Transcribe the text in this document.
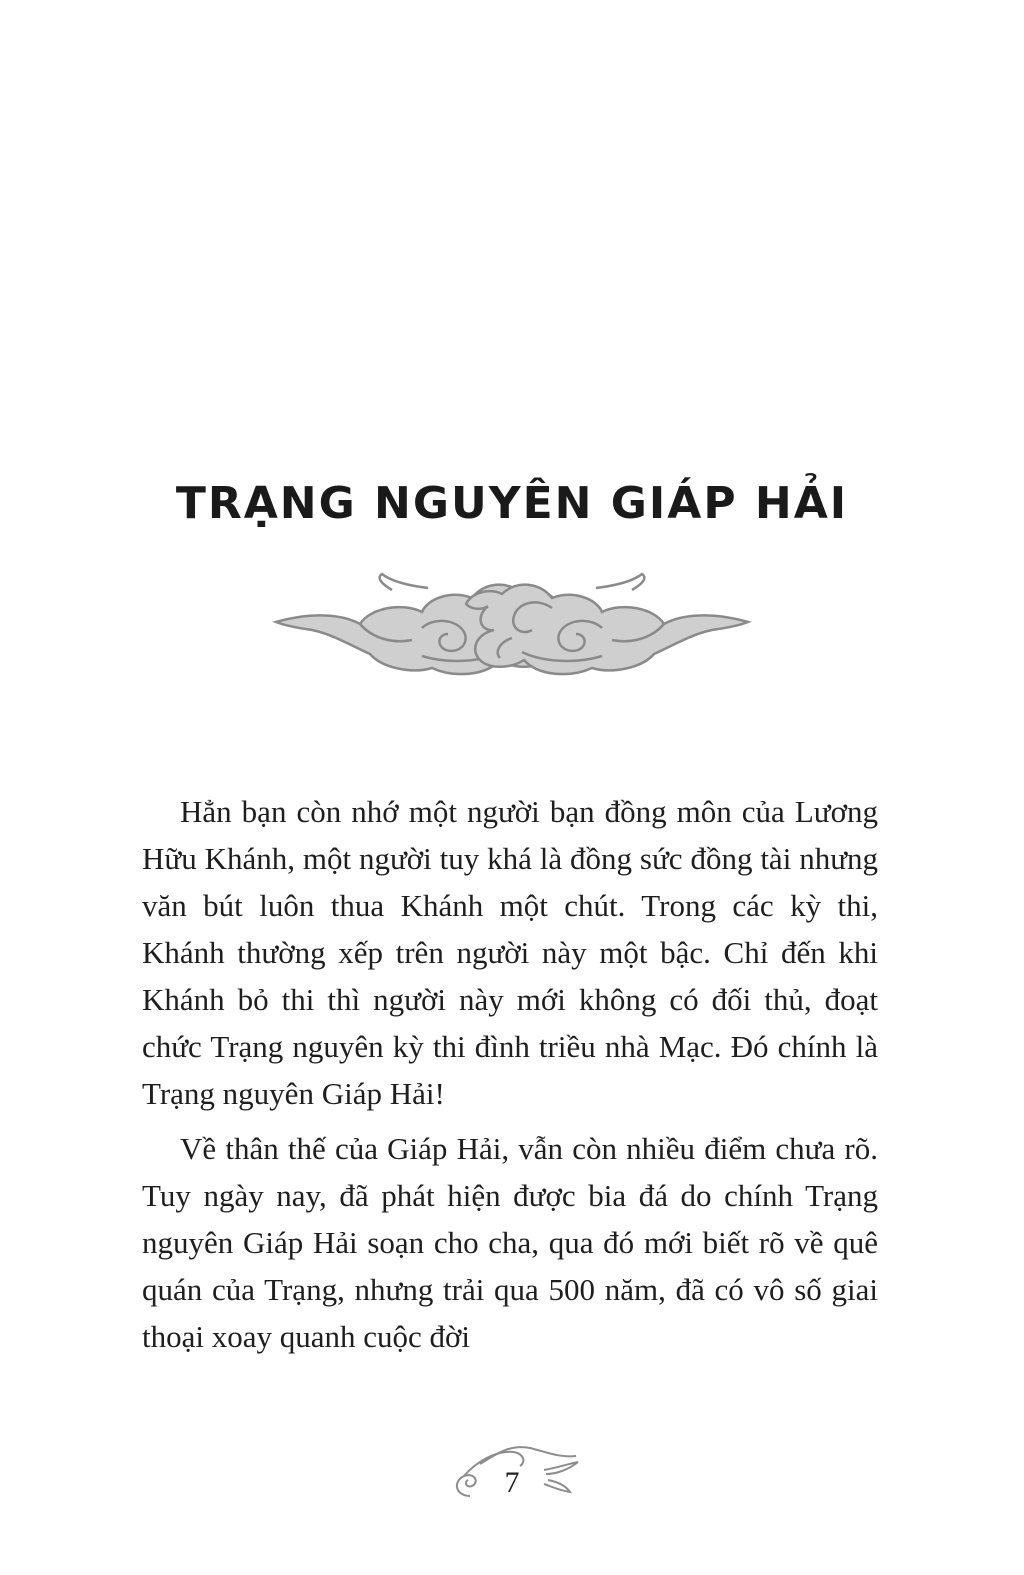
TRẠNG NGUYÊN GIÁP HẢI

Hẳn bạn còn nhớ một người bạn đồng môn của Lương Hữu Khánh, một người tuy khá là đồng sức đồng tài nhưng văn bút luôn thua Khánh một chút. Trong các kỳ thi, Khánh thường xếp trên người này một bậc. Chỉ đến khi Khánh bỏ thi thì người này mới không có đối thủ, đoạt chức Trạng nguyên kỳ thi đình triều nhà Mạc. Đó chính là Trạng nguyên Giáp Hải!

Về thân thế của Giáp Hải, vẫn còn nhiều điểm chưa rõ. Tuy ngày nay, đã phát hiện được bia đá do chính Trạng nguyên Giáp Hải soạn cho cha, qua đó mới biết rõ về quê quán của Trạng, nhưng trải qua 500 năm, đã có vô số giai thoại xoay quanh cuộc đời

7
